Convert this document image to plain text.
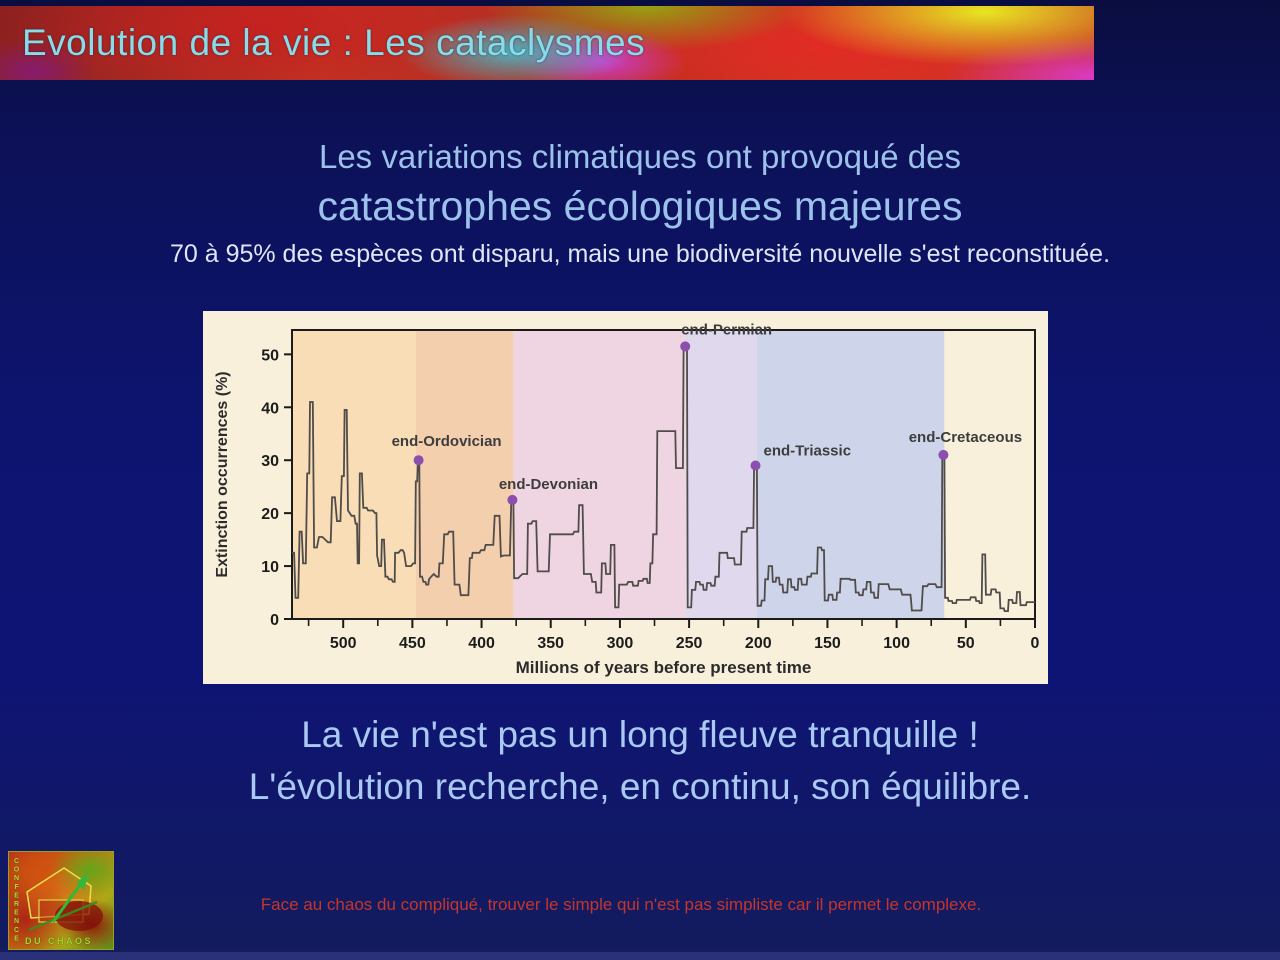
Evolution de la vie : Les cataclysmes
Les variations climatiques ont provoqué des
catastrophes écologiques majeures
70 à 95% des espèces ont disparu, mais une biodiversité nouvelle s'est reconstituée.
500	450	400	350	300	250	200	150	100	50	0
Millions of years before present time
0
10
20
30
40
50
Extinction occurrences (%)	end-Ordovician
end-Devonian
end-Permian
end-Triassic
end-Cretaceous
La vie n'est pas un long fleuve tranquille !
L'évolution recherche, en continu, son équilibre.
CONFERENCE DU CHAOS
Face au chaos du compliqué, trouver le simple qui n'est pas simpliste car il permet le complexe.
